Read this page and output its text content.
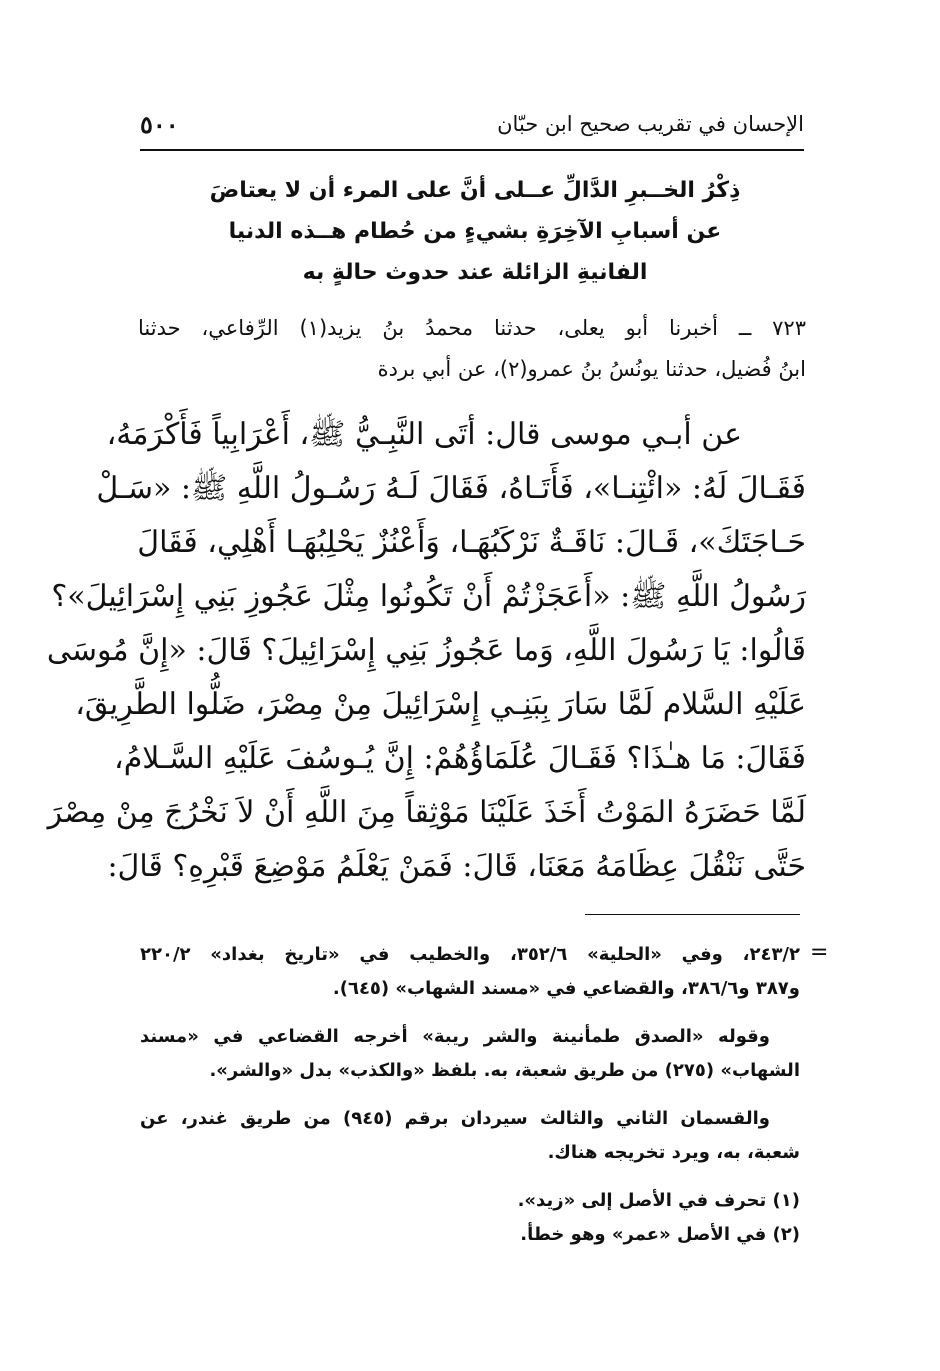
الإحسان في تقريب صحيح ابن حبّان
٥٠٠
ذِكْرُ الخــبرِ الدَّالِّ عــلى أنَّ على المرء أن لا يعتاضَ
عن أسبابِ الآخِرَةِ بشيءٍ من حُطام هــذه الدنيا
الفانيةِ الزائلة عند حدوث حالةٍ به
٧٢٣ ــ أخبرنا أبو يعلى، حدثنا محمدُ بنُ يزيد(١) الرِّفاعي، حدثنا
ابنُ فُضيل، حدثنا يونُسُ بنُ عمرو(٢)، عن أبي بردة
عن أبـي موسى قال: أتَى النَّبِـيُّ ﷺ، أَعْرَابِياً فَأَكْرَمَهُ،
فَقَـالَ لَهُ: «ائْتِنـا»، فَأَتَـاهُ، فَقَالَ لَـهُ رَسُـولُ اللَّهِ ﷺ: «سَـلْ
حَـاجَتَكَ»، قَـالَ: نَاقَـةٌ نَرْكَبُهَـا، وَأَعْنُزٌ يَحْلِبُهَـا أَهْلِي، فَقَالَ
رَسُولُ اللَّهِ ﷺ: «أَعَجَزْتُمْ أَنْ تَكُونُوا مِثْلَ عَجُوزِ بَنِي إِسْرَائِيلَ»؟
قَالُوا: يَا رَسُولَ اللَّهِ، وَما عَجُوزُ بَنِي إِسْرَائِيلَ؟ قَالَ: «إِنَّ مُوسَى
عَلَيْهِ السَّلام لَمَّا سَارَ بِبَنِـي إِسْرَائِيلَ مِنْ مِصْرَ، ضَلُّوا الطَّرِيقَ،
فَقَالَ: مَا هـٰذَا؟ فَقَـالَ عُلَمَاؤُهُمْ: إِنَّ يُـوسُفَ عَلَيْهِ السَّـلامُ،
لَمَّا حَضَرَهُ المَوْتُ أَخَذَ عَلَيْنَا مَوْثِقاً مِنَ اللَّهِ أَنْ لاَ نَخْرُجَ مِنْ مِصْرَ
حَتَّى نَنْقُلَ عِظَامَهُ مَعَنَا، قَالَ: فَمَنْ يَعْلَمُ مَوْضِعَ قَبْرِهِ؟ قَالَ:
=
٢٤٣/٢، وفي «الحلية» ٣٥٢/٦، والخطيب في «تاريخ بغداد» ٢٢٠/٢
و٣٨٧ و٣٨٦/٦، والقضاعي في «مسند الشهاب» (٦٤٥).
وقوله «الصدق طمأنينة والشر ريبة» أخرجه القضاعي في «مسند
الشهاب» (٢٧٥) من طريق شعبة، به. بلفظ «والكذب» بدل «والشر».
والقسمان الثاني والثالث سيردان برقم (٩٤٥) من طريق غندر، عن
شعبة، به، ويرد تخريجه هناك.
(١) تحرف في الأصل إلى «زيد».
(٢) في الأصل «عمر» وهو خطأ.
